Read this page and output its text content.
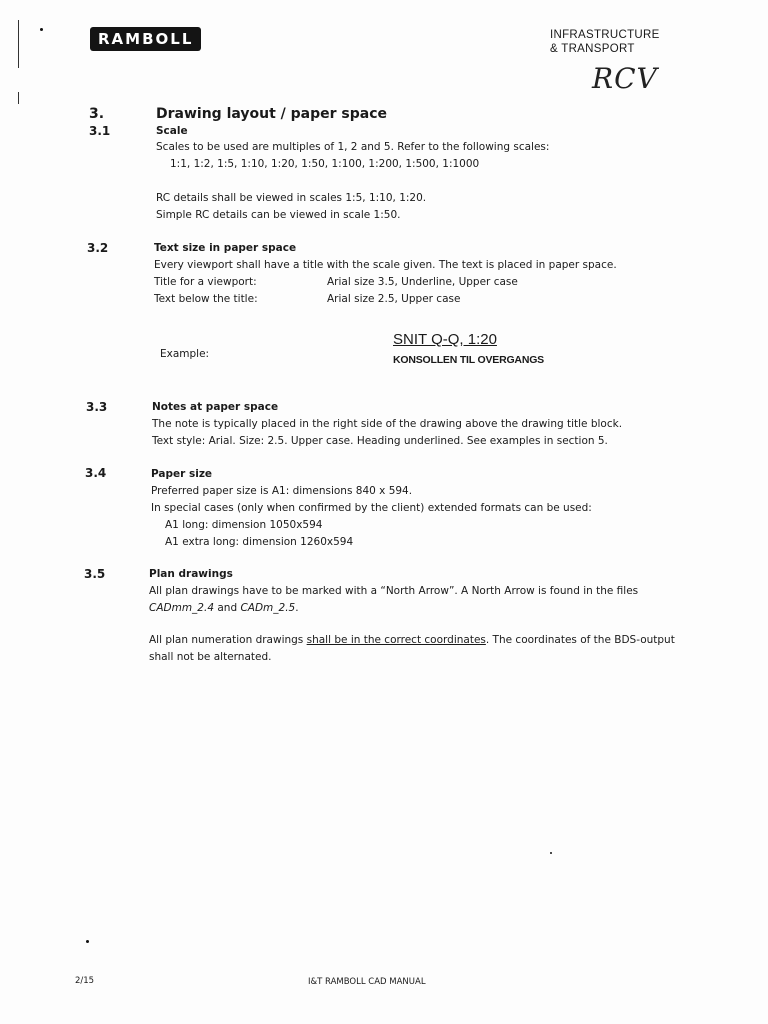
RAMBOLL	INFRASTRUCTURE
& TRANSPORT
RCV
3.	Drawing layout / paper space
3.1	Scale
Scales to be used are multiples of 1, 2 and 5. Refer to the following scales:
1:1, 1:2, 1:5, 1:10, 1:20, 1:50, 1:100, 1:200, 1:500, 1:1000
RC details shall be viewed in scales 1:5, 1:10, 1:20.
Simple RC details can be viewed in scale 1:50.
3.2	Text size in paper space
Every viewport shall have a title with the scale given. The text is placed in paper space.
Title for a viewport:	Arial size 3.5, Underline, Upper case
Text below the title:	Arial size 2.5, Upper case
Example:
SNIT Q-Q, 1:20
KONSOLLEN TIL OVERGANGS
3.3	Notes at paper space
The note is typically placed in the right side of the drawing above the drawing title block.
Text style: Arial. Size: 2.5. Upper case. Heading underlined. See examples in section 5.
3.4	Paper size
Preferred paper size is A1: dimensions 840 x 594.
In special cases (only when confirmed by the client) extended formats can be used:
A1 long: dimension 1050x594
A1 extra long: dimension 1260x594
3.5	Plan drawings
All plan drawings have to be marked with a “North Arrow”. A North Arrow is found in the files
CADmm_2.4 and CADm_2.5.
All plan numeration drawings shall be in the correct coordinates. The coordinates of the BDS-output
shall not be alternated.
2/15	I&T RAMBOLL CAD MANUAL
